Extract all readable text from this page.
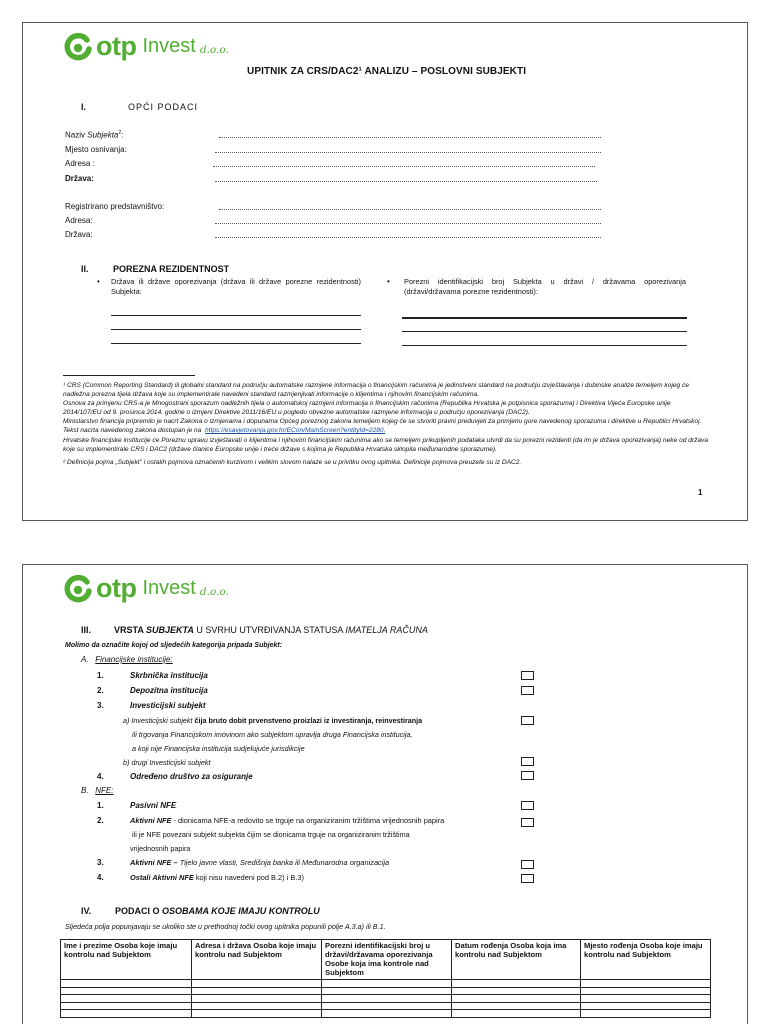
otp Invest d.o.o.
UPITNIK ZA CRS/DAC2¹ ANALIZU – POSLOVNI SUBJEKTI
I.	OPĆI PODACI
Naziv Subjekta$^2$:
Mjesto osnivanja:
Adresa :
Država:
Registrirano predstavništvo:
Adresa:
Država:
II.	POREZNA REZIDENTNOST
• Država ili države oporezivanja (država ili države porezne rezidentnosti) Subjekta:
• Porezni identifikacijski broj Subjekta u državi / državama oporezivanja (državi/državama porezne rezidentnosti):
¹ CRS (Common Reporting Standard) ili globalni standard na području automatske razmjene informacija o financijskim računima je jedinstveni standard na području izvještavanja i dubinske analize temeljem kojeg će nadležna porezna tijela država koje su implementirale navedeni standard razmjenjivati informacije o klijentima i njihovim financijskim računima.
Osnova za primjenu CRS-a je Mnogostrani sporazum nadležnih tijela o automatskoj razmjeni informacija o financijskim računima (Republika Hrvatska je potpisnica sporazuma) i Direktiva Vijeća Europske unije 2014/107/EU od 9. prosinca 2014. godine o izmjeni Direktive 2011/16/EU u pogledu obvezne automatske razmjene informacija u području oporezivanja (DAC2).
Ministarstvo financija pripremilo je nacrt Zakona o izmjenama i dopunama Općeg poreznog zakona temeljem kojeg će se stvoriti pravni preduvjeti za primjenu gore navedenog sporazuma i direktive u Republici Hrvatskoj. Tekst nacrta navedenog zakona dostupan je na https://esavjetovanja.gov.hr/ECon/MainScreen?entityId=2280.
Hrvatske financijske institucije će Poreznu upravu izvještavati o klijentima i njihovim financijskim računima ako se temeljem prikupljenih podataka utvrdi da su porezni rezidenti (da im je država oporezivanja) neke od država koje su implementirale CRS i DAC2 (države članice Europske unije i treće države s kojima je Republika Hrvatska sklopila međunarodne sporazume).
² Definicija pojma „Subjekt" i ostalih pojmova označenih kurzivom i velikim slovom nalaze se u privitku ovog upitnika. Definicije pojmova preuzete su iz DAC2.
1
otp Invest d.o.o.
III.	VRSTA SUBJEKTA U SVRHU UTVRĐIVANJA STATUSA IMATELJA RAČUNA
Molimo da označite kojoj od sljedećih kategorija pripada Subjekt:
A. Financijske institucije:
1.	Skrbnička institucija
2.	Depozitna institucija
3.	Investicijski subjekt
a) Investicijski subjekt čija bruto dobit prvenstveno proizlazi iz investiranja, reinvestiranja
ili trgovanja Financijskom imovinom ako subjektom upravlja druga Financijska institucija,
a koji nije Financijska institucija sudjelujuće jurisdikcije
b) drugi Investicijski subjekt
4.	Određeno društvo za osiguranje
B. NFE:
1.	Pasivni NFE
2.	Aktivni NFE - dionicama NFE-a redovito se trguje na organiziranim tržištima vrijednosnih papira
ili je NFE povezani subjekt subjekta čijim se dionicama trguje na organiziranim tržištima
vrijednosnih papira
3.	Aktivni NFE – Tijelo javne vlasti, Središnja banka ili Međunarodna organizacija
4.	Ostali Aktivni NFE koji nisu navedeni pod B.2) i B.3)
IV.	PODACI O OSOBAMA KOJE IMAJU KONTROLU
Sljedeća polja popunjavaju se ukoliko ste u prethodnoj točki ovog upitnika popunili polje A.3.a) ili B.1.
Ime i prezime Osoba koje imaju kontrolu nad Subjektom	Adresa i država Osoba koje imaju kontrolu nad Subjektom	Porezni identifikacijski broj u državi/državama oporezivanja Osobe koja ima kontrole nad Subjektom	Datum rođenja Osoba koja ima kontrolu nad Subjektom	Mjesto rođenja Osoba koje imaju kontrolu nad Subjektom
